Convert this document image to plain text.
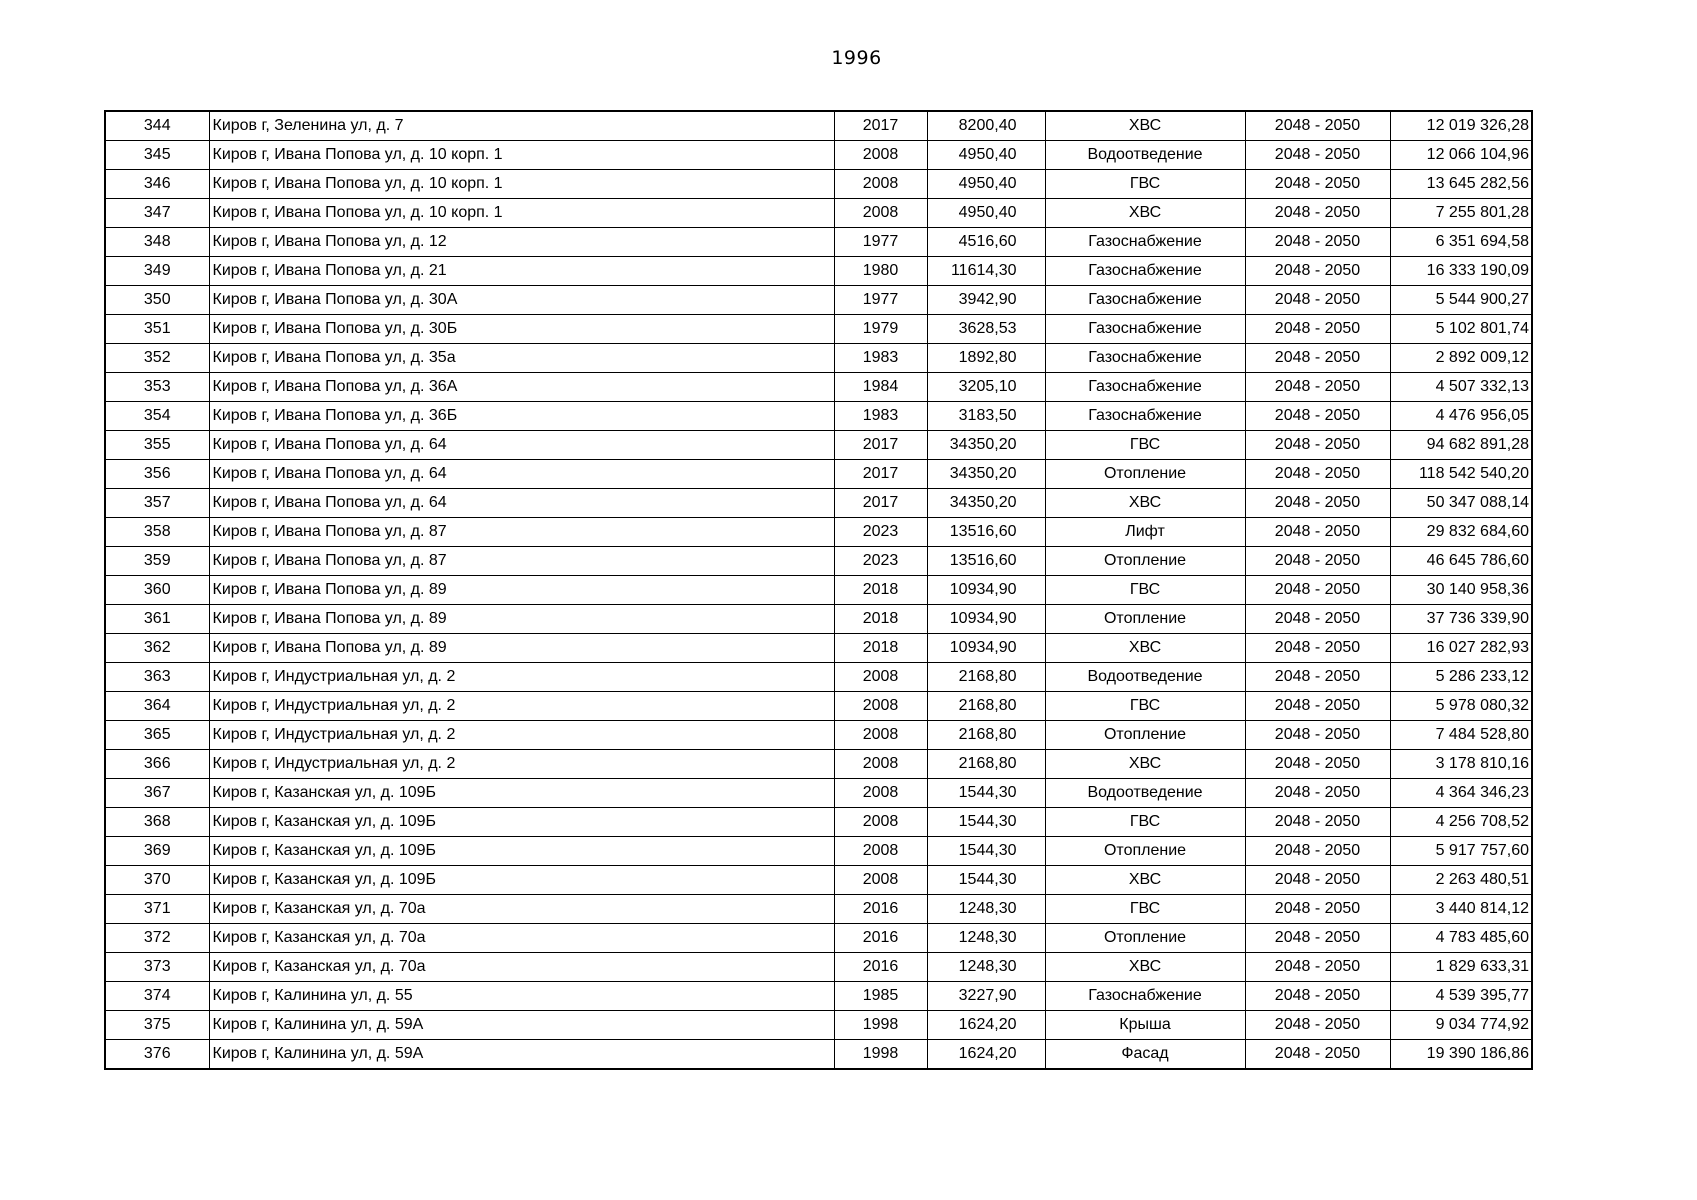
1996
344	Киров г, Зеленина ул, д. 7	2017	8200,40	ХВС	2048 - 2050	12 019 326,28
345	Киров г, Ивана Попова ул, д. 10 корп. 1	2008	4950,40	Водоотведение	2048 - 2050	12 066 104,96
346	Киров г, Ивана Попова ул, д. 10 корп. 1	2008	4950,40	ГВС	2048 - 2050	13 645 282,56
347	Киров г, Ивана Попова ул, д. 10 корп. 1	2008	4950,40	ХВС	2048 - 2050	7 255 801,28
348	Киров г, Ивана Попова ул, д. 12	1977	4516,60	Газоснабжение	2048 - 2050	6 351 694,58
349	Киров г, Ивана Попова ул, д. 21	1980	11614,30	Газоснабжение	2048 - 2050	16 333 190,09
350	Киров г, Ивана Попова ул, д. 30А	1977	3942,90	Газоснабжение	2048 - 2050	5 544 900,27
351	Киров г, Ивана Попова ул, д. 30Б	1979	3628,53	Газоснабжение	2048 - 2050	5 102 801,74
352	Киров г, Ивана Попова ул, д. 35а	1983	1892,80	Газоснабжение	2048 - 2050	2 892 009,12
353	Киров г, Ивана Попова ул, д. 36А	1984	3205,10	Газоснабжение	2048 - 2050	4 507 332,13
354	Киров г, Ивана Попова ул, д. 36Б	1983	3183,50	Газоснабжение	2048 - 2050	4 476 956,05
355	Киров г, Ивана Попова ул, д. 64	2017	34350,20	ГВС	2048 - 2050	94 682 891,28
356	Киров г, Ивана Попова ул, д. 64	2017	34350,20	Отопление	2048 - 2050	118 542 540,20
357	Киров г, Ивана Попова ул, д. 64	2017	34350,20	ХВС	2048 - 2050	50 347 088,14
358	Киров г, Ивана Попова ул, д. 87	2023	13516,60	Лифт	2048 - 2050	29 832 684,60
359	Киров г, Ивана Попова ул, д. 87	2023	13516,60	Отопление	2048 - 2050	46 645 786,60
360	Киров г, Ивана Попова ул, д. 89	2018	10934,90	ГВС	2048 - 2050	30 140 958,36
361	Киров г, Ивана Попова ул, д. 89	2018	10934,90	Отопление	2048 - 2050	37 736 339,90
362	Киров г, Ивана Попова ул, д. 89	2018	10934,90	ХВС	2048 - 2050	16 027 282,93
363	Киров г, Индустриальная ул, д. 2	2008	2168,80	Водоотведение	2048 - 2050	5 286 233,12
364	Киров г, Индустриальная ул, д. 2	2008	2168,80	ГВС	2048 - 2050	5 978 080,32
365	Киров г, Индустриальная ул, д. 2	2008	2168,80	Отопление	2048 - 2050	7 484 528,80
366	Киров г, Индустриальная ул, д. 2	2008	2168,80	ХВС	2048 - 2050	3 178 810,16
367	Киров г, Казанская ул, д. 109Б	2008	1544,30	Водоотведение	2048 - 2050	4 364 346,23
368	Киров г, Казанская ул, д. 109Б	2008	1544,30	ГВС	2048 - 2050	4 256 708,52
369	Киров г, Казанская ул, д. 109Б	2008	1544,30	Отопление	2048 - 2050	5 917 757,60
370	Киров г, Казанская ул, д. 109Б	2008	1544,30	ХВС	2048 - 2050	2 263 480,51
371	Киров г, Казанская ул, д. 70а	2016	1248,30	ГВС	2048 - 2050	3 440 814,12
372	Киров г, Казанская ул, д. 70а	2016	1248,30	Отопление	2048 - 2050	4 783 485,60
373	Киров г, Казанская ул, д. 70а	2016	1248,30	ХВС	2048 - 2050	1 829 633,31
374	Киров г, Калинина ул, д. 55	1985	3227,90	Газоснабжение	2048 - 2050	4 539 395,77
375	Киров г, Калинина ул, д. 59А	1998	1624,20	Крыша	2048 - 2050	9 034 774,92
376	Киров г, Калинина ул, д. 59А	1998	1624,20	Фасад	2048 - 2050	19 390 186,86
